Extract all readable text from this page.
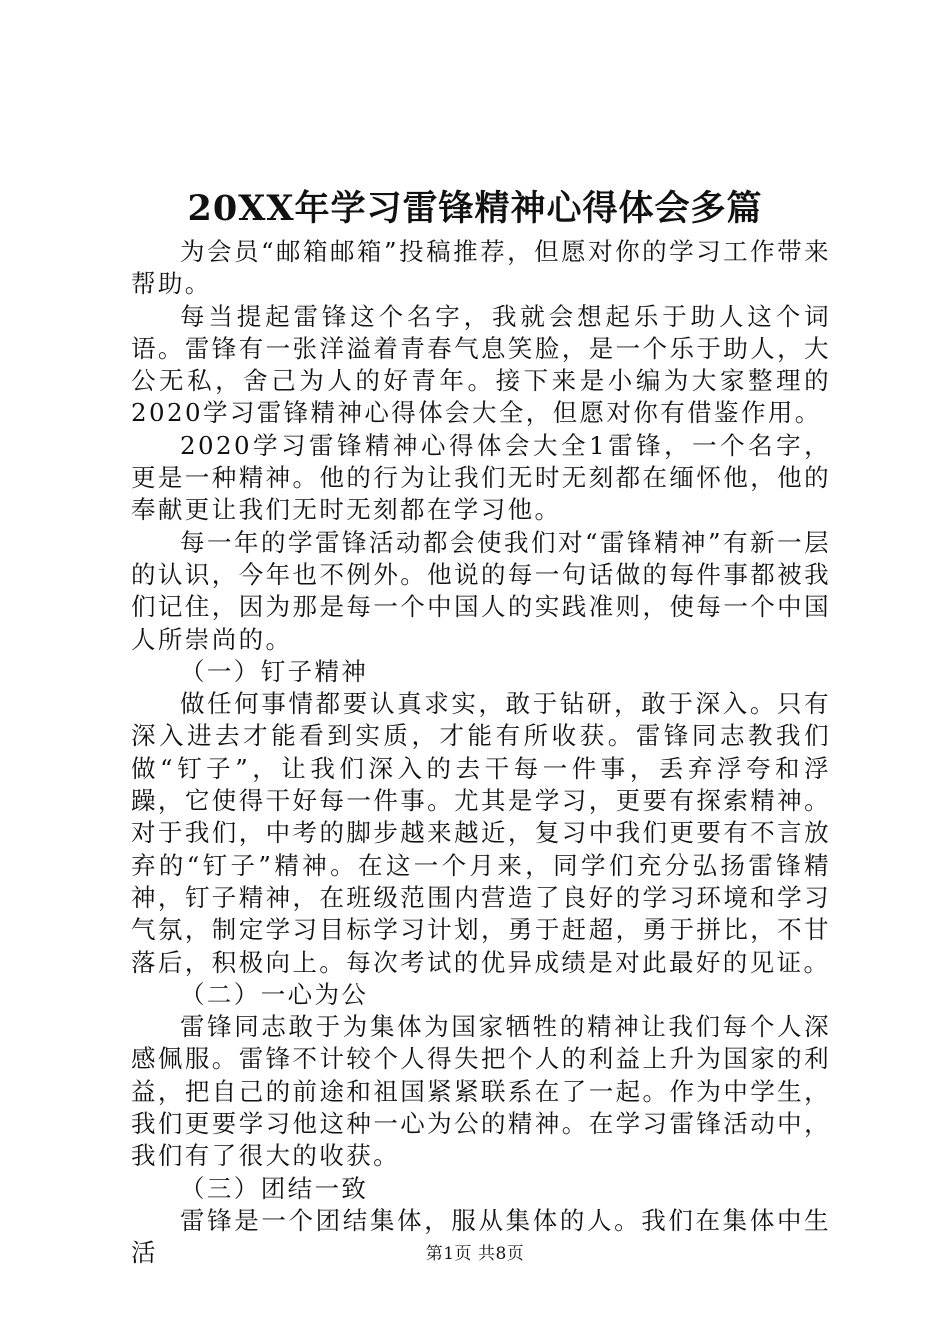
20XX年学习雷锋精神心得体会多篇

为会员“邮箱邮箱”投稿推荐，但愿对你的学习工作带来帮助。

每当提起雷锋这个名字，我就会想起乐于助人这个词语。雷锋有一张洋溢着青春气息笑脸，是一个乐于助人，大公无私，舍己为人的好青年。接下来是小编为大家整理的2020学习雷锋精神心得体会大全，但愿对你有借鉴作用。

2020学习雷锋精神心得体会大全1雷锋，一个名字，更是一种精神。他的行为让我们无时无刻都在缅怀他，他的奉献更让我们无时无刻都在学习他。

每一年的学雷锋活动都会使我们对“雷锋精神”有新一层的认识，今年也不例外。他说的每一句话做的每件事都被我们记住，因为那是每一个中国人的实践准则，使每一个中国人所崇尚的。

（一）钉子精神

做任何事情都要认真求实，敢于钻研，敢于深入。只有深入进去才能看到实质，才能有所收获。雷锋同志教我们做“钉子”，让我们深入的去干每一件事，丢弃浮夸和浮躁，它使得干好每一件事。尤其是学习，更要有探索精神。对于我们，中考的脚步越来越近，复习中我们更要有不言放弃的“钉子”精神。在这一个月来，同学们充分弘扬雷锋精神，钉子精神，在班级范围内营造了良好的学习环境和学习气氛，制定学习目标学习计划，勇于赶超，勇于拼比，不甘落后，积极向上。每次考试的优异成绩是对此最好的见证。

（二）一心为公

雷锋同志敢于为集体为国家牺牲的精神让我们每个人深感佩服。雷锋不计较个人得失把个人的利益上升为国家的利益，把自己的前途和祖国紧紧联系在了一起。作为中学生，我们更要学习他这种一心为公的精神。在学习雷锋活动中，我们有了很大的收获。

（三）团结一致

雷锋是一个团结集体，服从集体的人。我们在集体中生活	第1页 共8页
